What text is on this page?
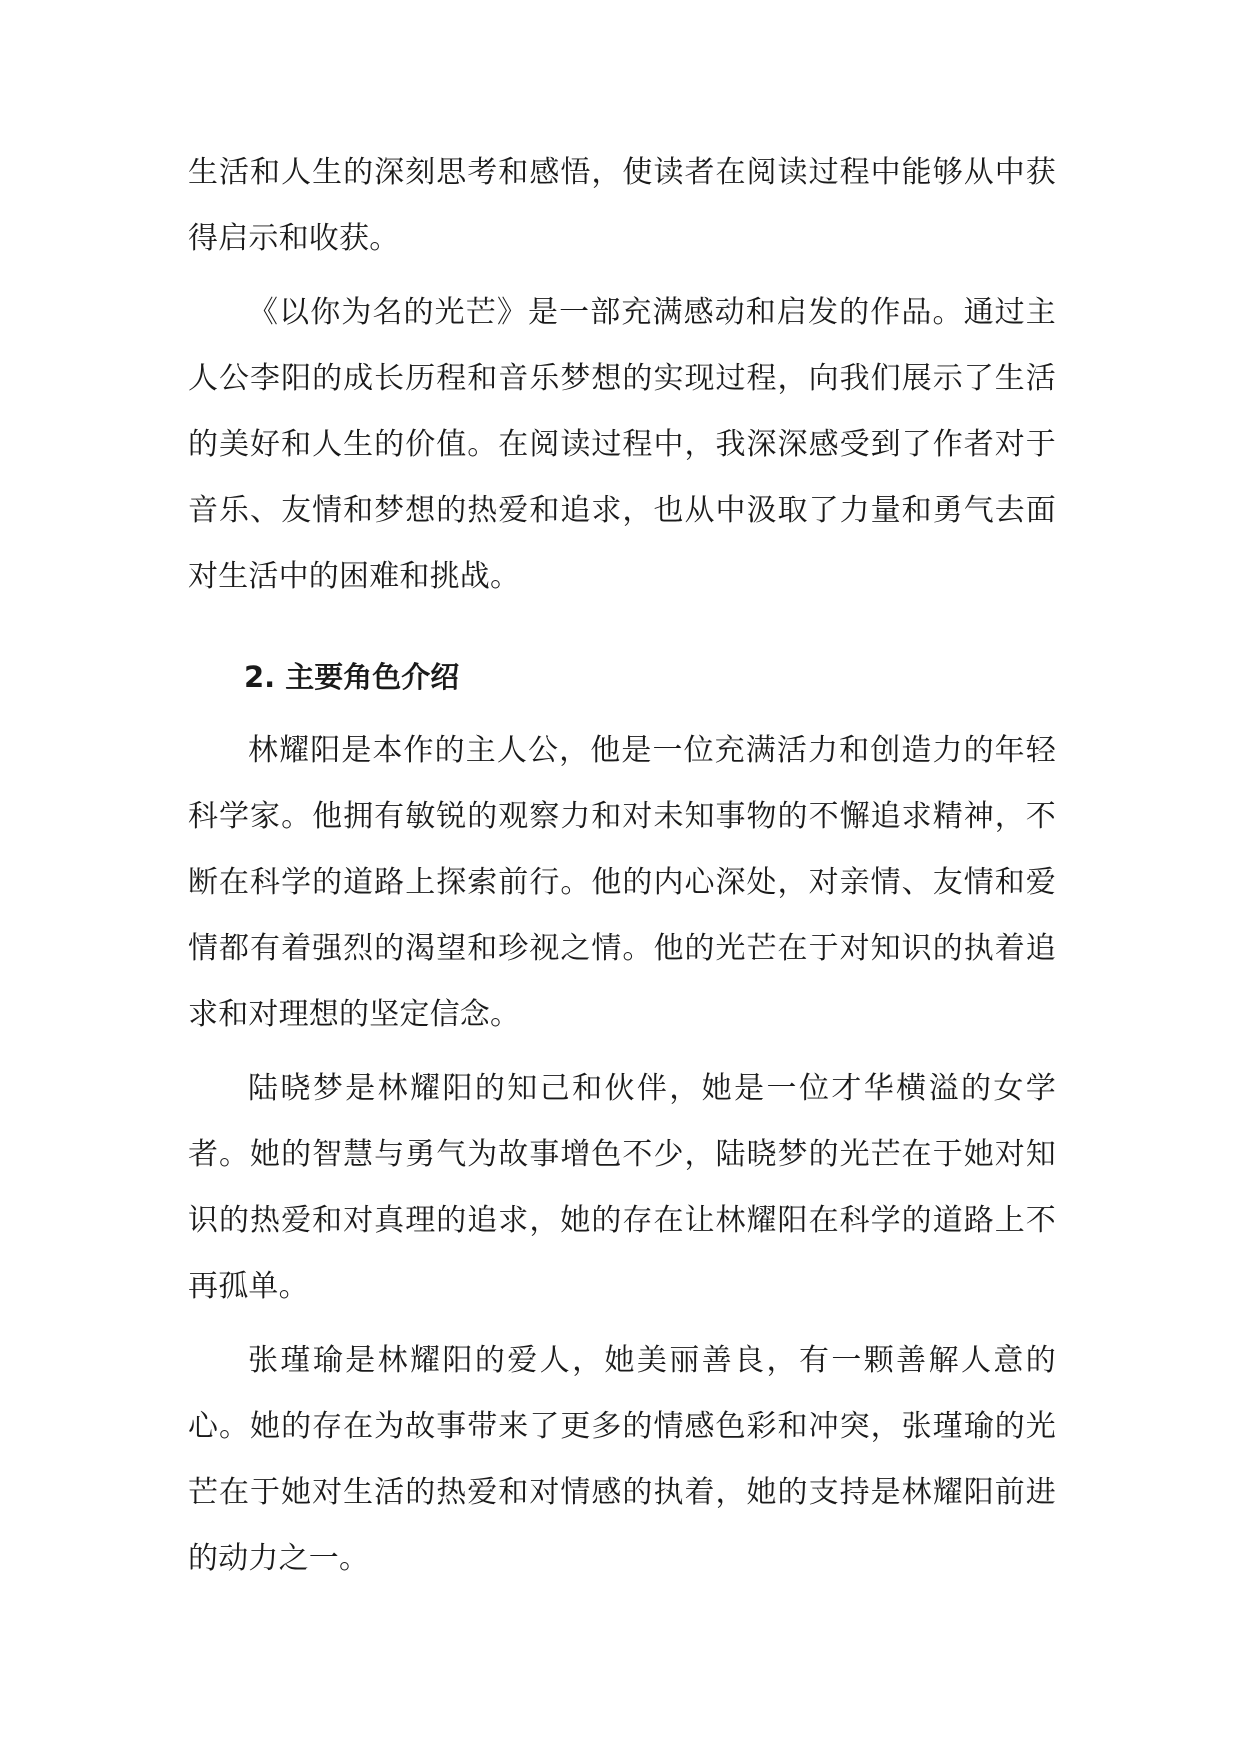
生活和人生的深刻思考和感悟，使读者在阅读过程中能够从中获得启示和收获。

《以你为名的光芒》是一部充满感动和启发的作品。通过主人公李阳的成长历程和音乐梦想的实现过程，向我们展示了生活的美好和人生的价值。在阅读过程中，我深深感受到了作者对于音乐、友情和梦想的热爱和追求，也从中汲取了力量和勇气去面对生活中的困难和挑战。

2. 主要角色介绍

林耀阳是本作的主人公，他是一位充满活力和创造力的年轻科学家。他拥有敏锐的观察力和对未知事物的不懈追求精神，不断在科学的道路上探索前行。他的内心深处，对亲情、友情和爱情都有着强烈的渴望和珍视之情。他的光芒在于对知识的执着追求和对理想的坚定信念。

陆晓梦是林耀阳的知己和伙伴，她是一位才华横溢的女学者。她的智慧与勇气为故事增色不少，陆晓梦的光芒在于她对知识的热爱和对真理的追求，她的存在让林耀阳在科学的道路上不再孤单。

张瑾瑜是林耀阳的爱人，她美丽善良，有一颗善解人意的心。她的存在为故事带来了更多的情感色彩和冲突，张瑾瑜的光芒在于她对生活的热爱和对情感的执着，她的支持是林耀阳前进的动力之一。
